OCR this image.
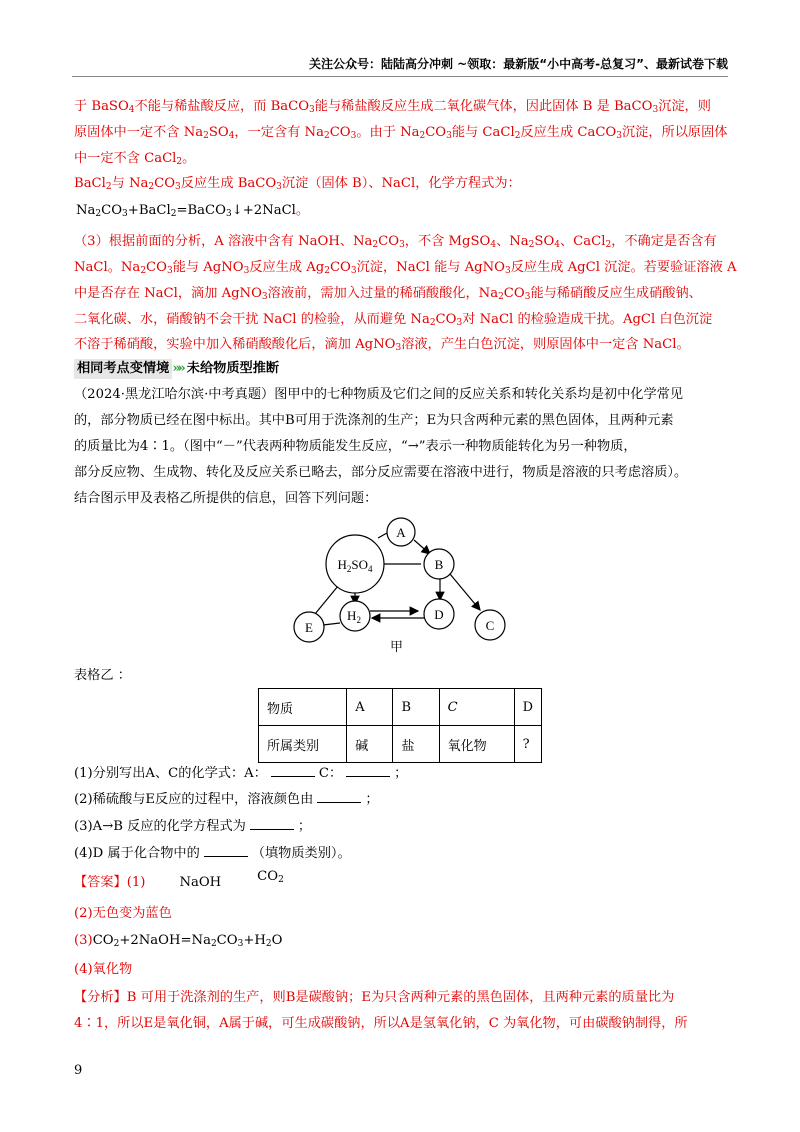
关注公众号：陆陆高分冲刺 ~领取：最新版“小中高考-总复习”、最新试卷下载
于 BaSO$_4$不能与稀盐酸反应，而 BaCO$_3$能与稀盐酸反应生成二氧化碳气体，因此固体 B 是 BaCO$_3$沉淀，则
原固体中一定不含 $Na_2SO_4$，一定含有 $Na_2CO_3$。由于 $Na_2CO_3$能与 CaCl$_2$反应生成 CaCO$_3$沉淀，所以原固体
中一定不含 CaCl$_2$。
BaCl$_2$与 $Na_2CO_3$反应生成 BaCO$_3$沉淀（固体 B）、NaCl，化学方程式为：
$Na_2CO_3+BaCl_2=BaCO_3↓+2NaCl$。
（3）根据前面的分析，A 溶液中含有 NaOH、$Na_2CO_3$，不含 MgSO$_4$、$Na_2SO_4$、CaCl$_2$，不确定是否含有
NaCl。$Na_2CO_3$能与 AgNO$_3$反应生成 $Ag_2CO_3$沉淀，NaCl 能与 AgNO$_3$反应生成 AgCl 沉淀。若要验证溶液 A
中是否存在 NaCl，滴加 AgNO$_3$溶液前，需加入过量的稀硝酸酸化，$Na_2CO_3$能与稀硝酸反应生成硝酸钠、
二氧化碳、水，硝酸钠不会干扰 NaCl 的检验，从而避免 $Na_2CO_3$对 NaCl 的检验造成干扰。AgCl 白色沉淀
不溶于稀硝酸，实验中加入稀硝酸酸化后，滴加 AgNO$_3$溶液，产生白色沉淀，则原固体中一定含 NaCl。
相同考点变情境 »» 未给物质型推断
（2024·黑龙江哈尔滨·中考真题）图甲中的七种物质及它们之间的反应关系和转化关系均是初中化学常见
的，部分物质已经在图中标出。其中B可用于洗涤剂的生产；E为只含两种元素的黑色固体，且两种元素
的质量比为4∶1。（图中“－”代表两种物质能发生反应，“→”表示一种物质能转化为另一种物质，
部分反应物、生成物、转化及反应关系已略去，部分反应需要在溶液中进行，物质是溶液的只考虑溶质）。
结合图示甲及表格乙所提供的信息，回答下列问题：
$H_2SO_4$
A
B
$H_2$	D
E	C
甲
表格乙 ：
物质	A	B	C	D
所属类别	碱	盐	氧化物	?
(1)分别写出A、C的化学式：A：	C：	；
(2)稀硫酸与E反应的过程中，溶液颜色由	；
(3)A→B 反应的化学方程式为	；
(4)D 属于化合物中的	（填物质类别）。
【答案】(1)	NaOH	$CO_2$
(2)无色变为蓝色
$(3)CO_2+2NaOH=Na_2CO_3+H_2O$
(4)氧化物
【分析】B 可用于洗涤剂的生产，则B是碳酸钠；E为只含两种元素的黑色固体，且两种元素的质量比为
4∶1，所以E是氧化铜，A属于碱，可生成碳酸钠，所以A是氢氧化钠，C 为氧化物，可由碳酸钠制得，所
9
